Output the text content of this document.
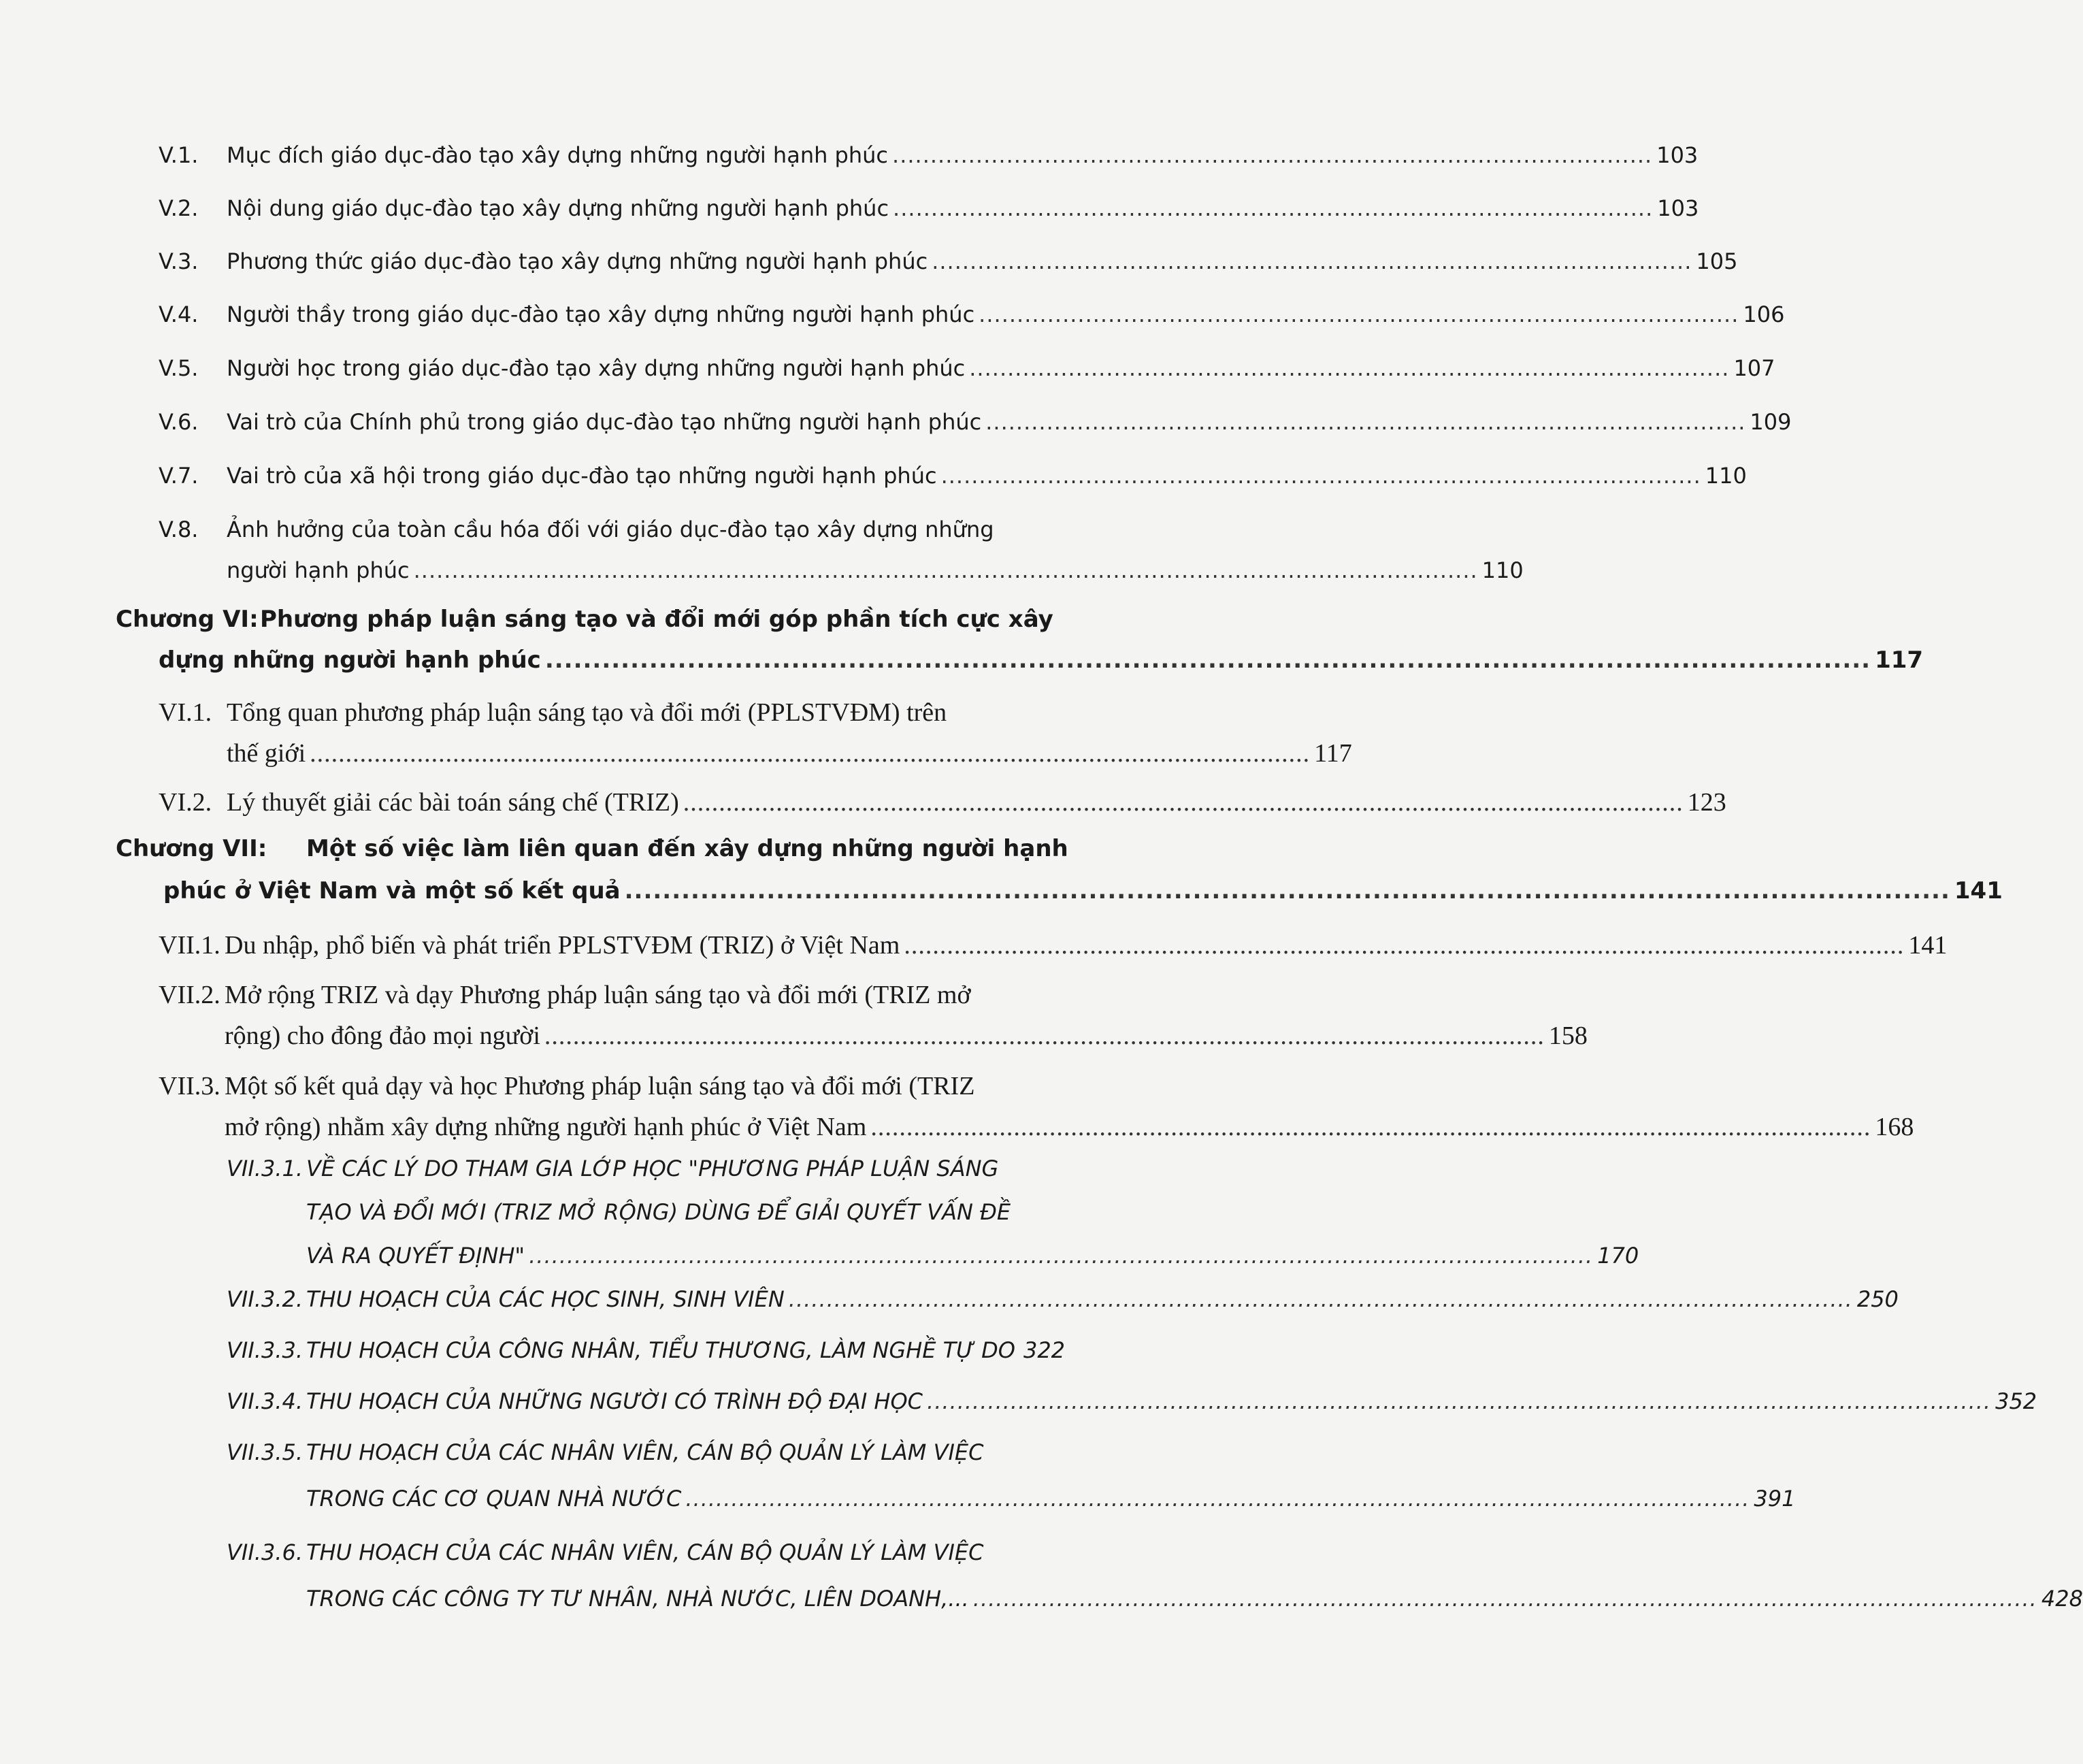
V.1. Mục đích giáo dục-đào tạo xây dựng những người hạnh phúc .................................................................................................... 103
V.2. Nội dung giáo dục-đào tạo xây dựng những người hạnh phúc .................................................................................................... 103
V.3. Phương thức giáo dục-đào tạo xây dựng những người hạnh phúc .................................................................................................... 105
V.4. Người thầy trong giáo dục-đào tạo xây dựng những người hạnh phúc .................................................................................................... 106
V.5. Người học trong giáo dục-đào tạo xây dựng những người hạnh phúc .................................................................................................... 107
V.6. Vai trò của Chính phủ trong giáo dục-đào tạo những người hạnh phúc .................................................................................................... 109
V.7. Vai trò của xã hội trong giáo dục-đào tạo những người hạnh phúc .................................................................................................... 110
V.8. Ảnh hưởng của toàn cầu hóa đối với giáo dục-đào tạo xây dựng những
người hạnh phúc ............................................................................................................................................ 110
Chương VI: Phương pháp luận sáng tạo và đổi mới góp phần tích cực xây
dựng những người hạnh phúc ............................................................................................................................................ 117
VI.1. Tổng quan phương pháp luận sáng tạo và đổi mới (PPLSTVĐM) trên
thế giới ............................................................................................................................................ 117
VI.2. Lý thuyết giải các bài toán sáng chế (TRIZ) ............................................................................................................................................ 123
Chương VII: Một số việc làm liên quan đến xây dựng những người hạnh
phúc ở Việt Nam và một số kết quả ............................................................................................................................................ 141
VII.1. Du nhập, phổ biến và phát triển PPLSTVĐM (TRIZ) ở Việt Nam ............................................................................................................................................ 141
VII.2. Mở rộng TRIZ và dạy Phương pháp luận sáng tạo và đổi mới (TRIZ mở
rộng) cho đông đảo mọi người ............................................................................................................................................ 158
VII.3. Một số kết quả dạy và học Phương pháp luận sáng tạo và đổi mới (TRIZ
mở rộng) nhằm xây dựng những người hạnh phúc ở Việt Nam ............................................................................................................................................ 168
VII.3.1. VỀ CÁC LÝ DO THAM GIA LỚP HỌC "PHƯƠNG PHÁP LUẬN SÁNG
TẠO VÀ ĐỔI MỚI (TRIZ MỞ RỘNG) DÙNG ĐỂ GIẢI QUYẾT VẤN ĐỀ
VÀ RA QUYẾT ĐỊNH" ............................................................................................................................................ 170
VII.3.2. THU HOẠCH CỦA CÁC HỌC SINH, SINH VIÊN ............................................................................................................................................ 250
VII.3.3. THU HOẠCH CỦA CÔNG NHÂN, TIỂU THƯƠNG, LÀM NGHỀ TỰ DO 322
VII.3.4. THU HOẠCH CỦA NHỮNG NGƯỜI CÓ TRÌNH ĐỘ ĐẠI HỌC ............................................................................................................................................ 352
VII.3.5. THU HOẠCH CỦA CÁC NHÂN VIÊN, CÁN BỘ QUẢN LÝ LÀM VIỆC
TRONG CÁC CƠ QUAN NHÀ NƯỚC ............................................................................................................................................ 391
VII.3.6. THU HOẠCH CỦA CÁC NHÂN VIÊN, CÁN BỘ QUẢN LÝ LÀM VIỆC
TRONG CÁC CÔNG TY TƯ NHÂN, NHÀ NƯỚC, LIÊN DOANH,... ............................................................................................................................................ 428
